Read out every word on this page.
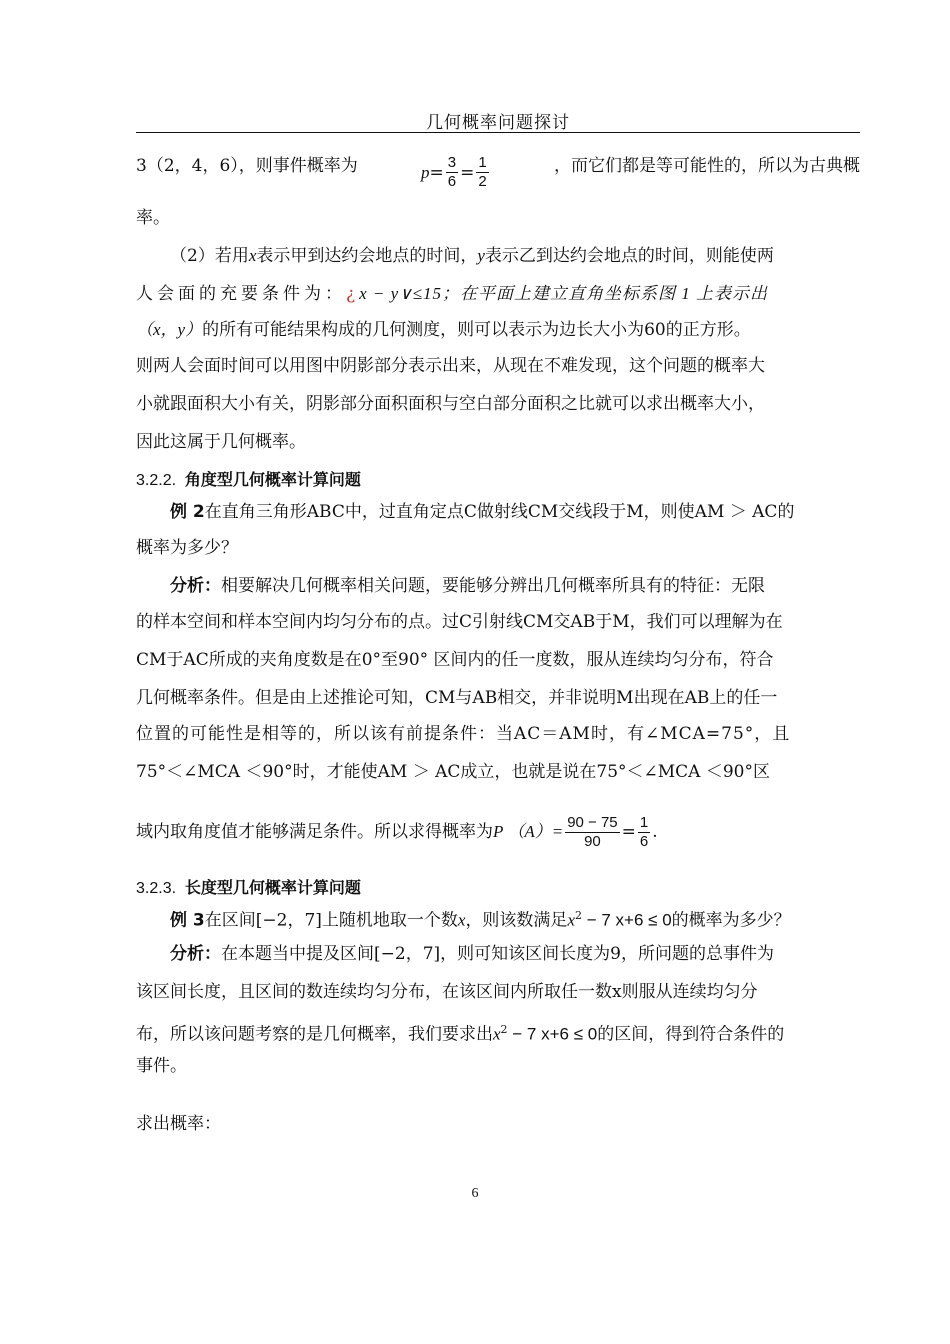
几何概率问题探讨
3（2，4，6），则事件概率为	$p = \frac{3}{6} = \frac{1}{2}$	，而它们都是等可能性的，所以为古典概
率。
（2）若用x表示甲到达约会地点的时间，y表示乙到达约会地点的时间，则能使两
人会面的充要条件为：¿x − y∨≤15；在平面上建立直角坐标系图 1 上表示出
（x，y）的所有可能结果构成的几何测度，则可以表示为边长大小为60的正方形。
则两人会面时间可以用图中阴影部分表示出来，从现在不难发现，这个问题的概率大
小就跟面积大小有关，阴影部分面积面积与空白部分面积之比就可以求出概率大小，
因此这属于几何概率。
3.2.2. 角度型几何概率计算问题
例 2在直角三角形ABC中，过直角定点C做射线CM交线段于M，则使AM ＞ AC的
概率为多少？
分析：相要解决几何概率相关问题，要能够分辨出几何概率所具有的特征：无限
的样本空间和样本空间内均匀分布的点。过C引射线CM交AB于M，我们可以理解为在
CM于AC所成的夹角度数是在0°至90° 区间内的任一度数，服从连续均匀分布，符合
几何概率条件。但是由上述推论可知，CM与AB相交，并非说明M出现在AB上的任一
位置的可能性是相等的，所以该有前提条件：当AC＝AM时，有∠MCA=75°，且
75°＜∠MCA ＜90°时，才能使AM ＞ AC成立，也就是说在75°＜∠MCA ＜90°区
域内取角度值才能够满足条件。所以求得概率为P $(A)= \frac{90 - 75}{90} = \frac{1}{6}$ .
3.2.3. 长度型几何概率计算问题
例 3在区间[−2，7]上随机地取一个数x，则该数满足$x^2 - 7$ x+6 ≤ 0的概率为多少？
分析：在本题当中提及区间[−2，7]，则可知该区间长度为9，所问题的总事件为
该区间长度，且区间的数连续均匀分布，在该区间内所取任一数x则服从连续均匀分
布，所以该问题考察的是几何概率，我们要求出$x^2 - 7$ x+6 ≤ 0的区间，得到符合条件的
事件。
求出概率：
6
